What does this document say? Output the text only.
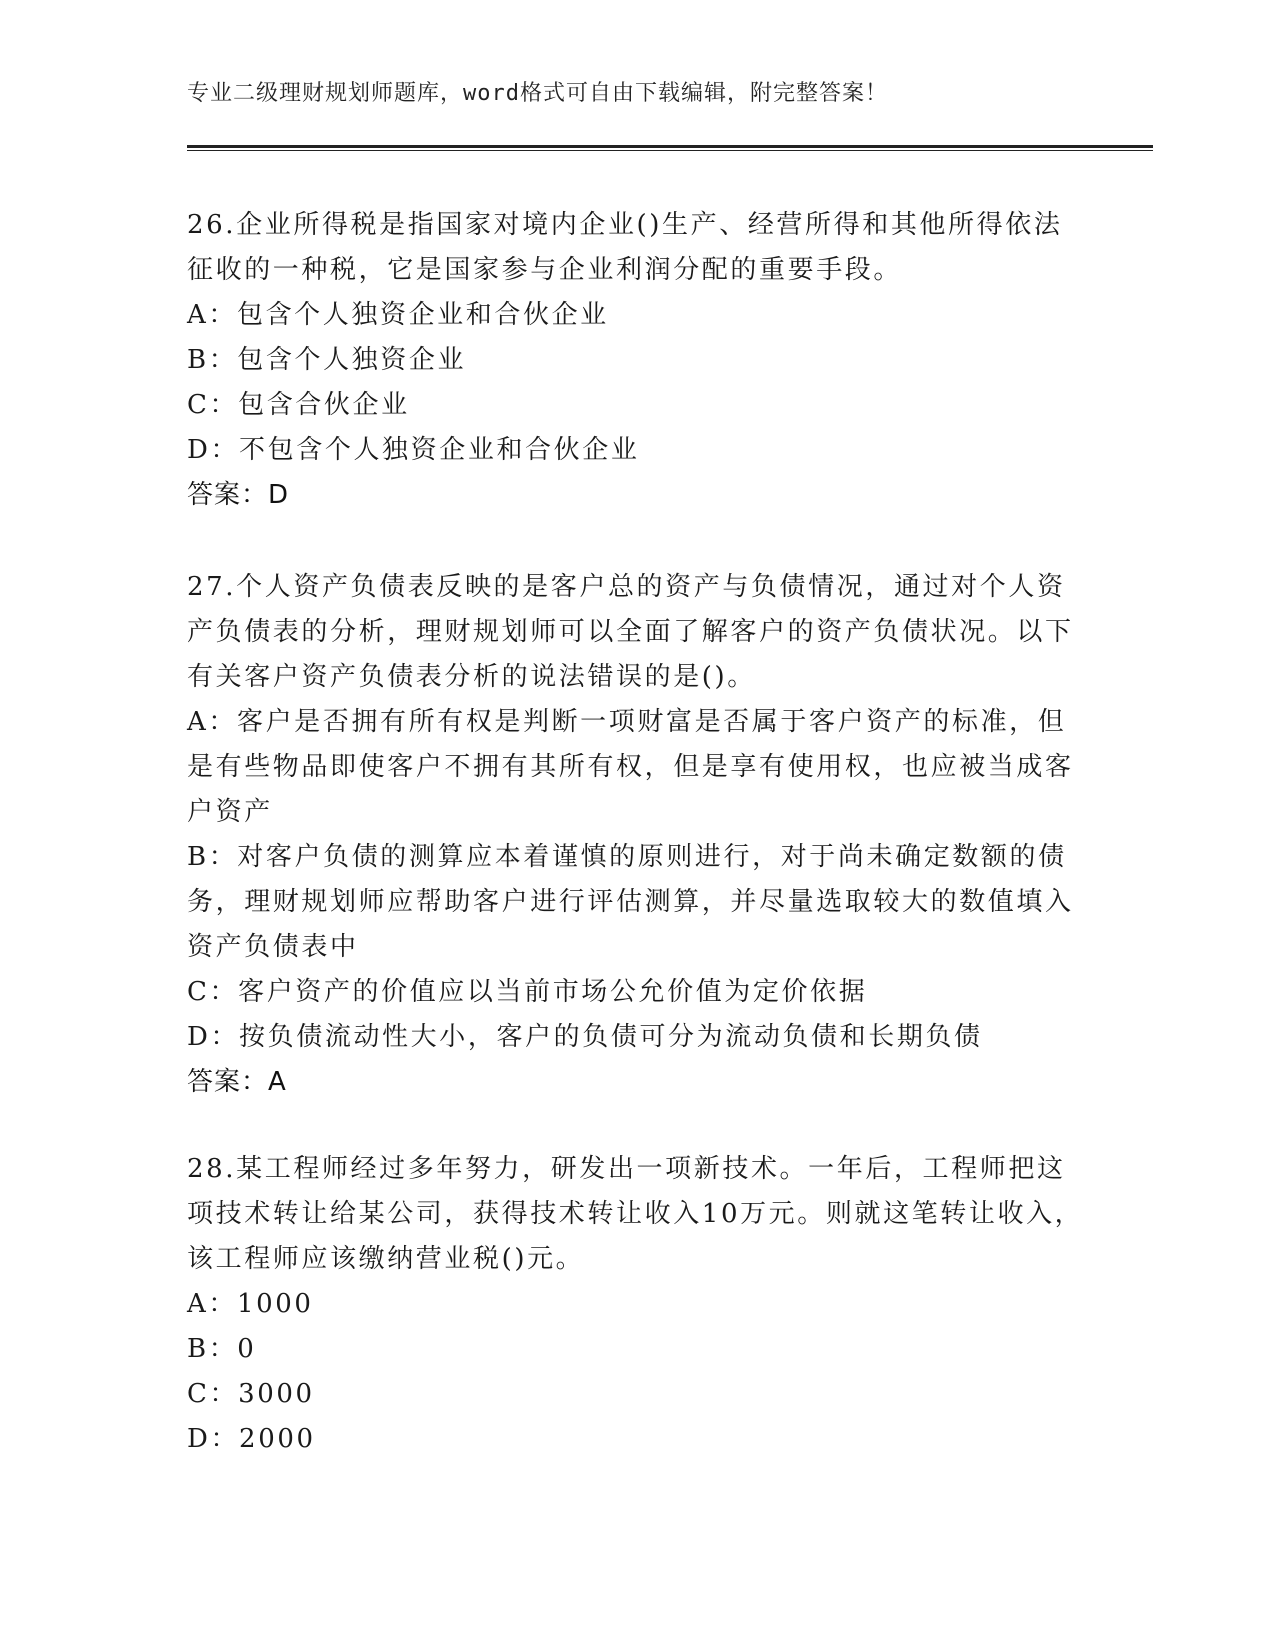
专业二级理财规划师题库，word格式可自由下载编辑，附完整答案！

26.企业所得税是指国家对境内企业()生产、经营所得和其他所得依法征收的一种税，它是国家参与企业利润分配的重要手段。

A：包含个人独资企业和合伙企业

B：包含个人独资企业

C：包含合伙企业

D：不包含个人独资企业和合伙企业

答案：D

27.个人资产负债表反映的是客户总的资产与负债情况，通过对个人资产负债表的分析，理财规划师可以全面了解客户的资产负债状况。以下有关客户资产负债表分析的说法错误的是()。

A：客户是否拥有所有权是判断一项财富是否属于客户资产的标准，但是有些物品即使客户不拥有其所有权，但是享有使用权，也应被当成客户资产

B：对客户负债的测算应本着谨慎的原则进行，对于尚未确定数额的债务，理财规划师应帮助客户进行评估测算，并尽量选取较大的数值填入资产负债表中

C：客户资产的价值应以当前市场公允价值为定价依据

D：按负债流动性大小，客户的负债可分为流动负债和长期负债

答案：A

28.某工程师经过多年努力，研发出一项新技术。一年后，工程师把这项技术转让给某公司，获得技术转让收入10万元。则就这笔转让收入，该工程师应该缴纳营业税()元。

A：1000

B：0

C：3000

D：2000
